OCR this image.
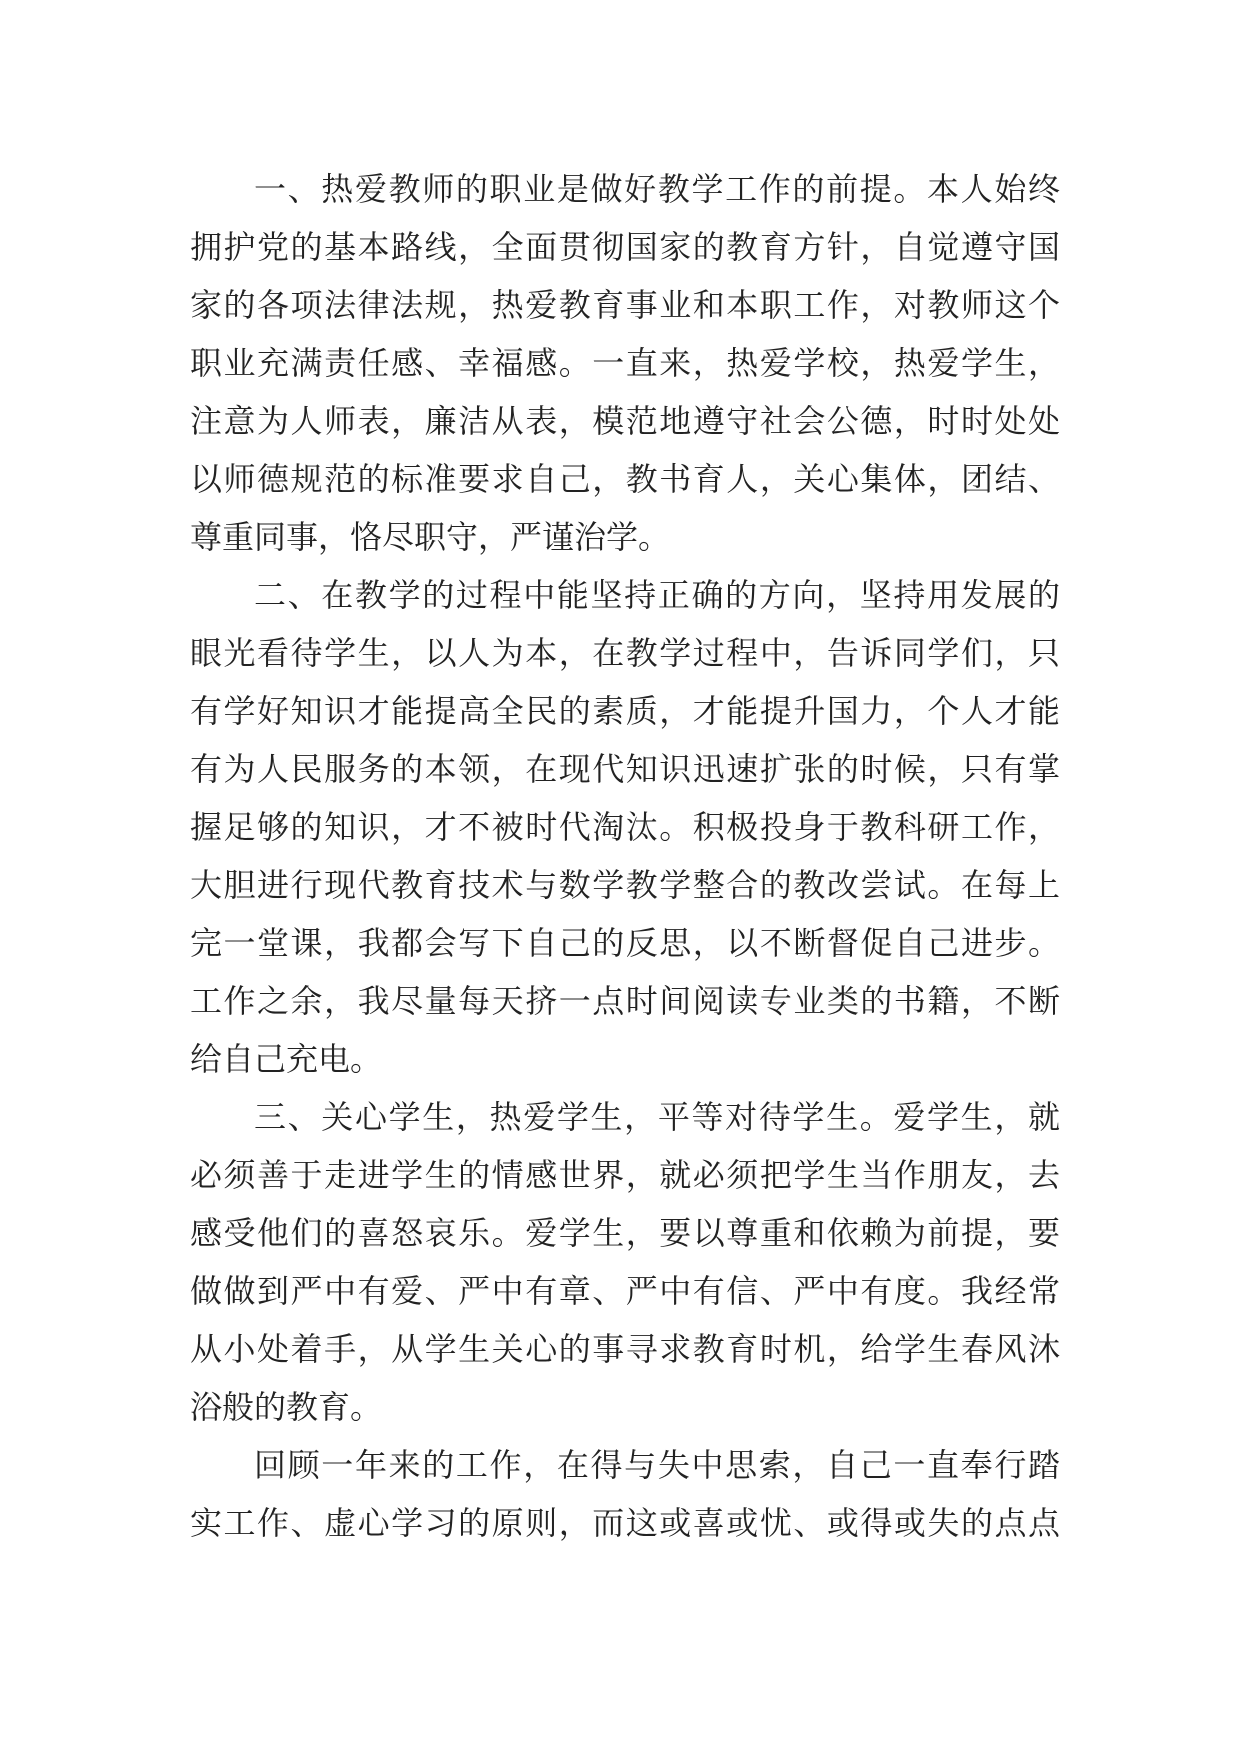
一、热爱教师的职业是做好教学工作的前提。本人始终
拥护党的基本路线，全面贯彻国家的教育方针，自觉遵守国
家的各项法律法规，热爱教育事业和本职工作，对教师这个
职业充满责任感、幸福感。一直来，热爱学校，热爱学生，
注意为人师表，廉洁从表，模范地遵守社会公德，时时处处
以师德规范的标准要求自己，教书育人，关心集体，团结、
尊重同事，恪尽职守，严谨治学。

二、在教学的过程中能坚持正确的方向，坚持用发展的
眼光看待学生，以人为本，在教学过程中，告诉同学们，只
有学好知识才能提高全民的素质，才能提升国力，个人才能
有为人民服务的本领，在现代知识迅速扩张的时候，只有掌
握足够的知识，才不被时代淘汰。积极投身于教科研工作，
大胆进行现代教育技术与数学教学整合的教改尝试。在每上
完一堂课，我都会写下自己的反思，以不断督促自己进步。
工作之余，我尽量每天挤一点时间阅读专业类的书籍，不断
给自己充电。

三、关心学生，热爱学生，平等对待学生。爱学生，就
必须善于走进学生的情感世界，就必须把学生当作朋友，去
感受他们的喜怒哀乐。爱学生，要以尊重和依赖为前提，要
做做到严中有爱、严中有章、严中有信、严中有度。我经常
从小处着手，从学生关心的事寻求教育时机，给学生春风沐
浴般的教育。

回顾一年来的工作，在得与失中思索，自己一直奉行踏
实工作、虚心学习的原则，而这或喜或忧、或得或失的点点
